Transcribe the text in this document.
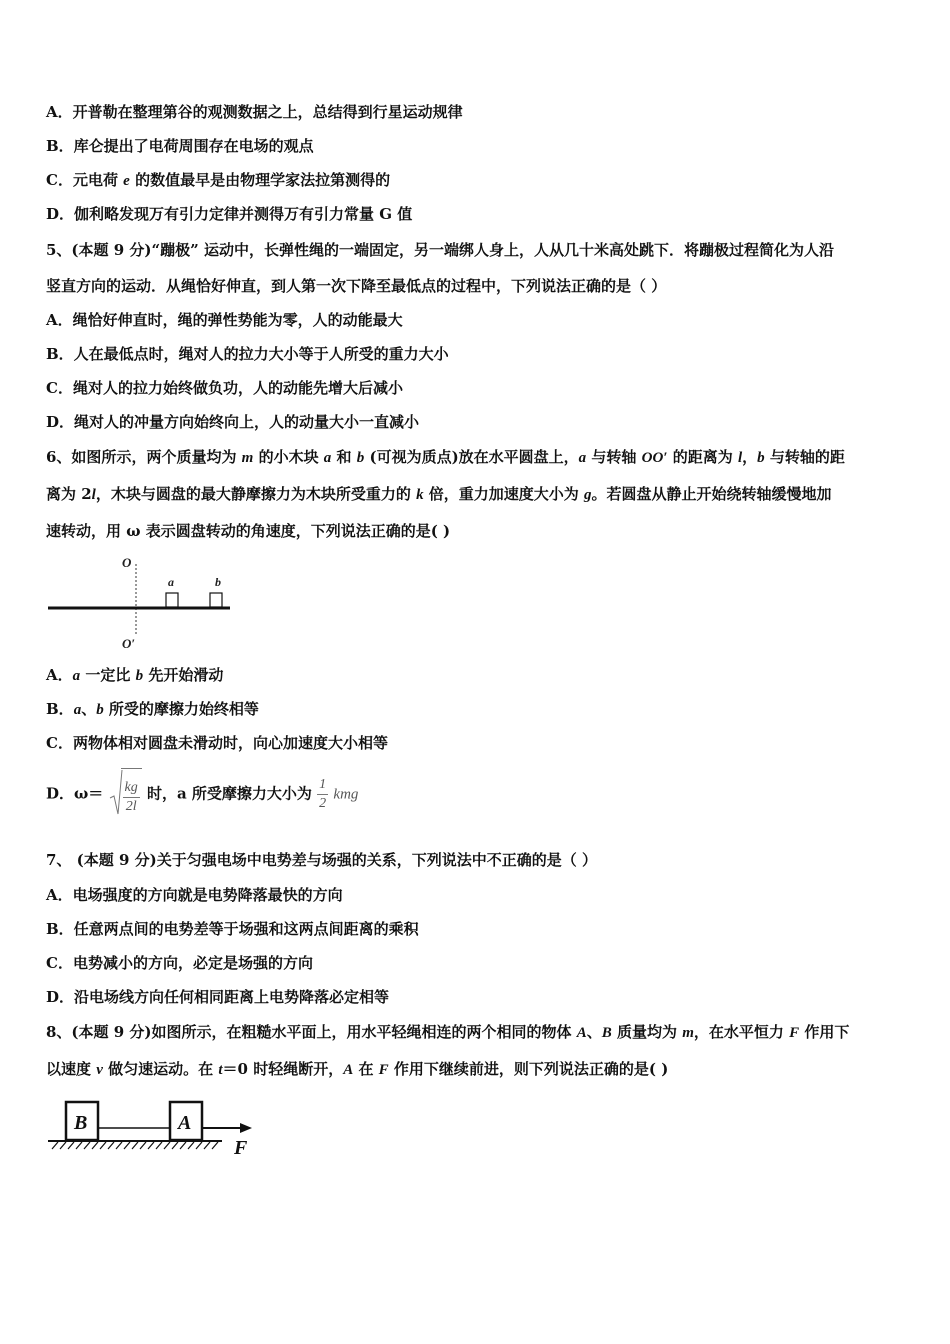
A．开普勒在整理第谷的观测数据之上，总结得到行星运动规律
B．库仑提出了电荷周围存在电场的观点
C．元电荷 e 的数值最早是由物理学家法拉第测得的
D．伽利略发现万有引力定律并测得万有引力常量 G 值
5、(本题 9 分)“蹦极” 运动中，长弹性绳的一端固定，另一端绑人身上，人从几十米高处跳下．将蹦极过程简化为人沿
竖直方向的运动．从绳恰好伸直，到人第一次下降至最低点的过程中，下列说法正确的是（ ）
A．绳恰好伸直时，绳的弹性势能为零，人的动能最大
B．人在最低点时，绳对人的拉力大小等于人所受的重力大小
C．绳对人的拉力始终做负功，人的动能先增大后减小
D．绳对人的冲量方向始终向上，人的动量大小一直减小
6、如图所示，两个质量均为 m 的小木块 a 和 b (可视为质点)放在水平圆盘上，a 与转轴 OO′ 的距离为 l，b 与转轴的距
离为 2l，木块与圆盘的最大静摩擦力为木块所受重力的 k 倍，重力加速度大小为 g。若圆盘从静止开始绕转轴缓慢地加
速转动，用 ω 表示圆盘转动的角速度，下列说法正确的是( )
O
a	b
O′
A．a 一定比 b 先开始滑动
B．a、b 所受的摩擦力始终相等
C．两物体相对圆盘未滑动时，向心加速度大小相等
D．$\omega= \frac{kg}{2l}$ 时，a 所受摩擦力大小为 $\frac{1}{2}$ kmg
7、 (本题 9 分)关于匀强电场中电势差与场强的关系，下列说法中不正确的是（ ）
A．电场强度的方向就是电势降落最快的方向
B．任意两点间的电势差等于场强和这两点间距离的乘积
C．电势减小的方向，必定是场强的方向
D．沿电场线方向任何相同距离上电势降落必定相等
8、(本题 9 分)如图所示，在粗糙水平面上，用水平轻绳相连的两个相同的物体 A、B 质量均为 m，在水平恒力 F 作用下
以速度 v 做匀速运动。在 t＝0 时轻绳断开，A 在 F 作用下继续前进，则下列说法正确的是( )
B	A
F
